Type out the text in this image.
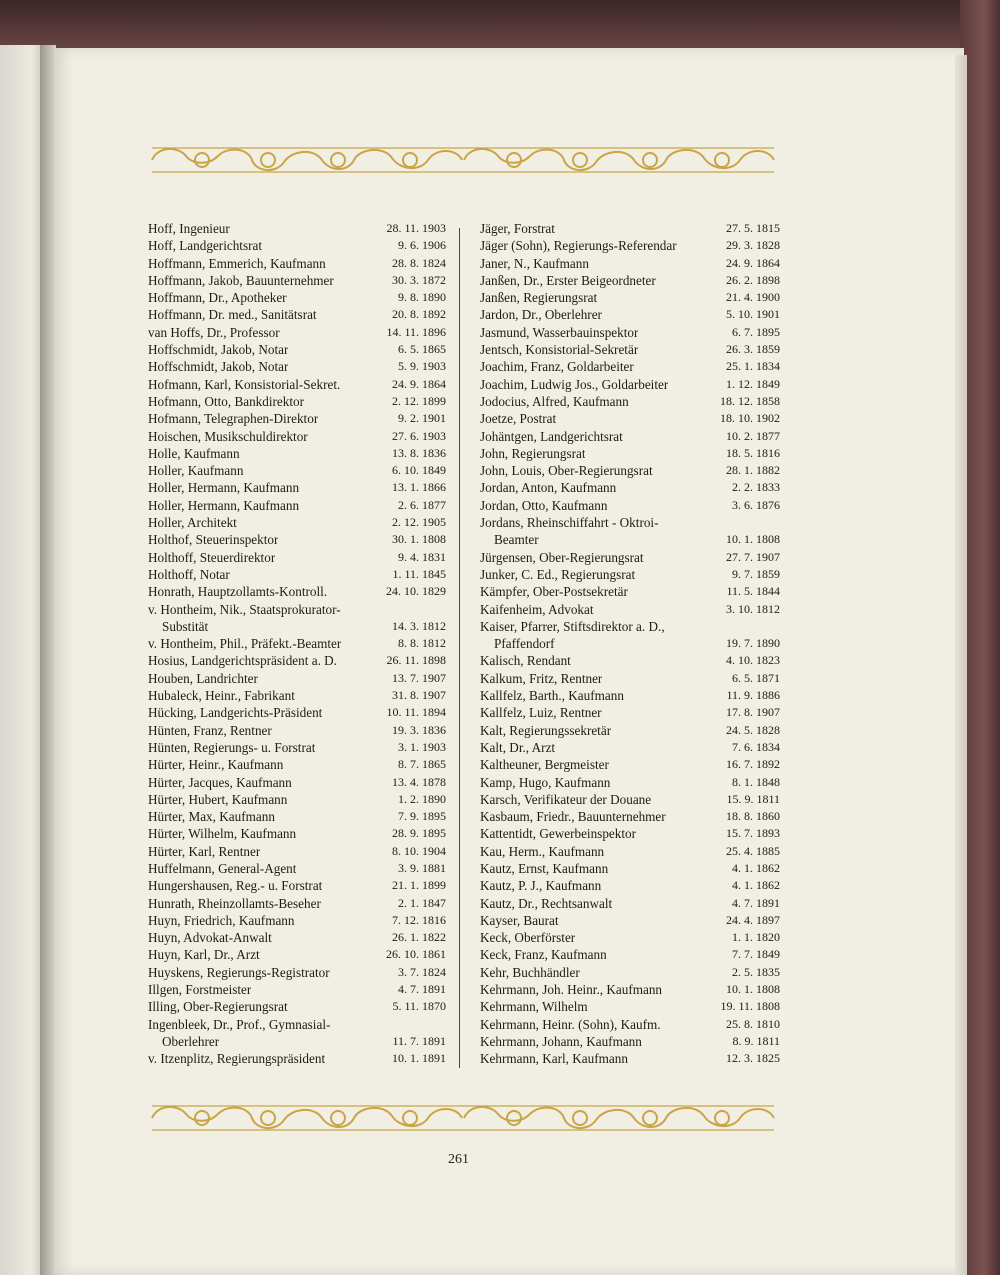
Hoff, Ingenieur	28. 11. 1903
Hoff, Landgerichtsrat	9. 6. 1906
Hoffmann, Emmerich, Kaufmann	28. 8. 1824
Hoffmann, Jakob, Bauunternehmer	30. 3. 1872
Hoffmann, Dr., Apotheker	9. 8. 1890
Hoffmann, Dr. med., Sanitätsrat	20. 8. 1892
van Hoffs, Dr., Professor	14. 11. 1896
Hoffschmidt, Jakob, Notar	6. 5. 1865
Hoffschmidt, Jakob, Notar	5. 9. 1903
Hofmann, Karl, Konsistorial-Sekret.	24. 9. 1864
Hofmann, Otto, Bankdirektor	2. 12. 1899
Hofmann, Telegraphen-Direktor	9. 2. 1901
Hoischen, Musikschuldirektor	27. 6. 1903
Holle, Kaufmann	13. 8. 1836
Holler, Kaufmann	6. 10. 1849
Holler, Hermann, Kaufmann	13. 1. 1866
Holler, Hermann, Kaufmann	2. 6. 1877
Holler, Architekt	2. 12. 1905
Holthof, Steuerinspektor	30. 1. 1808
Holthoff, Steuerdirektor	9. 4. 1831
Holthoff, Notar	1. 11. 1845
Honrath, Hauptzollamts-Kontroll.	24. 10. 1829
v. Hontheim, Nik., Staatsprokurator-
Substität	14. 3. 1812
v. Hontheim, Phil., Präfekt.-Beamter	8. 8. 1812
Hosius, Landgerichtspräsident a. D.	26. 11. 1898
Houben, Landrichter	13. 7. 1907
Hubaleck, Heinr., Fabrikant	31. 8. 1907
Hücking, Landgerichts-Präsident	10. 11. 1894
Hünten, Franz, Rentner	19. 3. 1836
Hünten, Regierungs- u. Forstrat	3. 1. 1903
Hürter, Heinr., Kaufmann	8. 7. 1865
Hürter, Jacques, Kaufmann	13. 4. 1878
Hürter, Hubert, Kaufmann	1. 2. 1890
Hürter, Max, Kaufmann	7. 9. 1895
Hürter, Wilhelm, Kaufmann	28. 9. 1895
Hürter, Karl, Rentner	8. 10. 1904
Huffelmann, General-Agent	3. 9. 1881
Hungershausen, Reg.- u. Forstrat	21. 1. 1899
Hunrath, Rheinzollamts-Beseher	2. 1. 1847
Huyn, Friedrich, Kaufmann	7. 12. 1816
Huyn, Advokat-Anwalt	26. 1. 1822
Huyn, Karl, Dr., Arzt	26. 10. 1861
Huyskens, Regierungs-Registrator	3. 7. 1824
Illgen, Forstmeister	4. 7. 1891
Illing, Ober-Regierungsrat	5. 11. 1870
Ingenbleek, Dr., Prof., Gymnasial-
Oberlehrer	11. 7. 1891
v. Itzenplitz, Regierungspräsident	10. 1. 1891
Jäger, Forstrat	27. 5. 1815
Jäger (Sohn), Regierungs-Referendar	29. 3. 1828
Janer, N., Kaufmann	24. 9. 1864
Janßen, Dr., Erster Beigeordneter	26. 2. 1898
Janßen, Regierungsrat	21. 4. 1900
Jardon, Dr., Oberlehrer	5. 10. 1901
Jasmund, Wasserbauinspektor	6. 7. 1895
Jentsch, Konsistorial-Sekretär	26. 3. 1859
Joachim, Franz, Goldarbeiter	25. 1. 1834
Joachim, Ludwig Jos., Goldarbeiter	1. 12. 1849
Jodocius, Alfred, Kaufmann	18. 12. 1858
Joetze, Postrat	18. 10. 1902
Johäntgen, Landgerichtsrat	10. 2. 1877
John, Regierungsrat	18. 5. 1816
John, Louis, Ober-Regierungsrat	28. 1. 1882
Jordan, Anton, Kaufmann	2. 2. 1833
Jordan, Otto, Kaufmann	3. 6. 1876
Jordans, Rheinschiffahrt - Oktroi-
Beamter	10. 1. 1808
Jürgensen, Ober-Regierungsrat	27. 7. 1907
Junker, C. Ed., Regierungsrat	9. 7. 1859
Kämpfer, Ober-Postsekretär	11. 5. 1844
Kaifenheim, Advokat	3. 10. 1812
Kaiser, Pfarrer, Stiftsdirektor a. D.,
Pfaffendorf	19. 7. 1890
Kalisch, Rendant	4. 10. 1823
Kalkum, Fritz, Rentner	6. 5. 1871
Kallfelz, Barth., Kaufmann	11. 9. 1886
Kallfelz, Luiz, Rentner	17. 8. 1907
Kalt, Regierungssekretär	24. 5. 1828
Kalt, Dr., Arzt	7. 6. 1834
Kaltheuner, Bergmeister	16. 7. 1892
Kamp, Hugo, Kaufmann	8. 1. 1848
Karsch, Verifikateur der Douane	15. 9. 1811
Kasbaum, Friedr., Bauunternehmer	18. 8. 1860
Kattentidt, Gewerbeinspektor	15. 7. 1893
Kau, Herm., Kaufmann	25. 4. 1885
Kautz, Ernst, Kaufmann	4. 1. 1862
Kautz, P. J., Kaufmann	4. 1. 1862
Kautz, Dr., Rechtsanwalt	4. 7. 1891
Kayser, Baurat	24. 4. 1897
Keck, Oberförster	1. 1. 1820
Keck, Franz, Kaufmann	7. 7. 1849
Kehr, Buchhändler	2. 5. 1835
Kehrmann, Joh. Heinr., Kaufmann	10. 1. 1808
Kehrmann, Wilhelm	19. 11. 1808
Kehrmann, Heinr. (Sohn), Kaufm.	25. 8. 1810
Kehrmann, Johann, Kaufmann	8. 9. 1811
Kehrmann, Karl, Kaufmann	12. 3. 1825
261
